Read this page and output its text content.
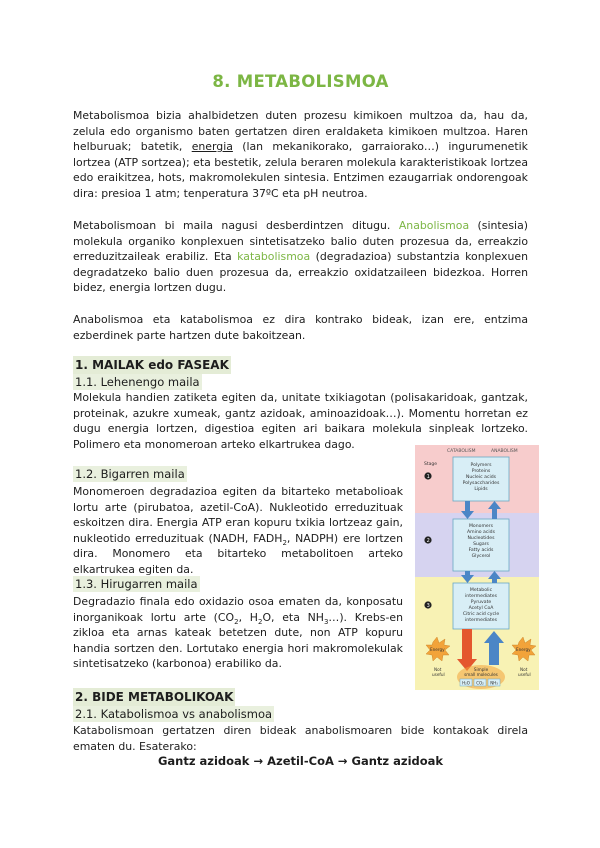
8. METABOLISMOA

Metabolismoa bizia ahalbidetzen duten prozesu kimikoen multzoa da, hau da, zelula edo organismo baten gertatzen diren eraldaketa kimikoen multzoa. Haren helburuak; batetik, energia (lan mekanikorako, garraiorako…) ingurumenetik lortzea (ATP sortzea); eta bestetik, zelula beraren molekula karakteristikoak lortzea edo eraikitzea, hots, makromolekulen sintesia. Entzimen ezaugarriak ondorengoak dira: presioa 1 atm; tenperatura 37ºC eta pH neutroa.

Metabolismoan bi maila nagusi desberdintzen ditugu. Anabolismoa (sintesia) molekula organiko konplexuen sintetisatzeko balio duten prozesua da, erreakzio erreduzitzaileak erabiliz. Eta katabolismoa (degradazioa) substantzia konplexuen degradatzeko balio duen prozesua da, erreakzio oxidatzaileen bidezkoa. Horren bidez, energia lortzen dugu.

Anabolismoa eta katabolismoa ez dira kontrako bideak, izan ere, entzima ezberdinek parte hartzen dute bakoitzean.

1. MAILAK edo FASEAK
1.1. Lehenengo maila

Molekula handien zatiketa egiten da, unitate txikiagotan (polisakaridoak, gantzak, proteinak, azukre xumeak, gantz azidoak, aminoazidoak…). Momentu horretan ez dugu energia lortzen, digestioa egiten ari baikara molekula sinpleak lortzeko. Polimero eta monomeroan arteko elkartrukea dago.

1.2. Bigarren maila

Monomeroen degradazioa egiten da bitarteko metabolioak lortu arte (pirubatoa, azetil-CoA). Nukleotido erreduzituak eskoitzen dira. Energia ATP eran kopuru txikia lortzeaz gain, nukleotido erreduzituak (NADH, $FADH_2$, NADPH) ere lortzen dira. Monomero eta bitarteko metabolitoen arteko elkartrukea egiten da.

1.3. Hirugarren maila

Degradazio finala edo oxidazio osoa ematen da, konposatu inorganikoak lortu arte ($CO_2$, $H_2O$, eta $NH_3\dots$). Krebs-en zikloa eta arnas kateak betetzen dute, non ATP kopuru handia sortzen den. Lortutako energia hori makromolekulak sintetisatzeko (karbonoa) erabiliko da.

2. BIDE METABOLIKOAK
2.1. Katabolismoa vs anabolismoa

Katabolismoan gertatzen diren bideak anabolismoaren bide kontakoak direla ematen du. Esaterako:

Gantz azidoak → Azetil-CoA → Gantz azidoak
CATABOLISM	ANABOLISM
Stage
1
2
3
Polymers
Proteins
Nucleic acids
Polysaccharides
Lipids
Monomers
Amino acids
Nucleotides
Sugars
Fatty acids
Glycerol
Metabolic
intermediates
Pyruvate
Acetyl CoA
Citric acid cycle
intermediates
Energy	Energy
Not
useful
Not
useful
Simple
small molecules
H₂O CO₂ NH₃
